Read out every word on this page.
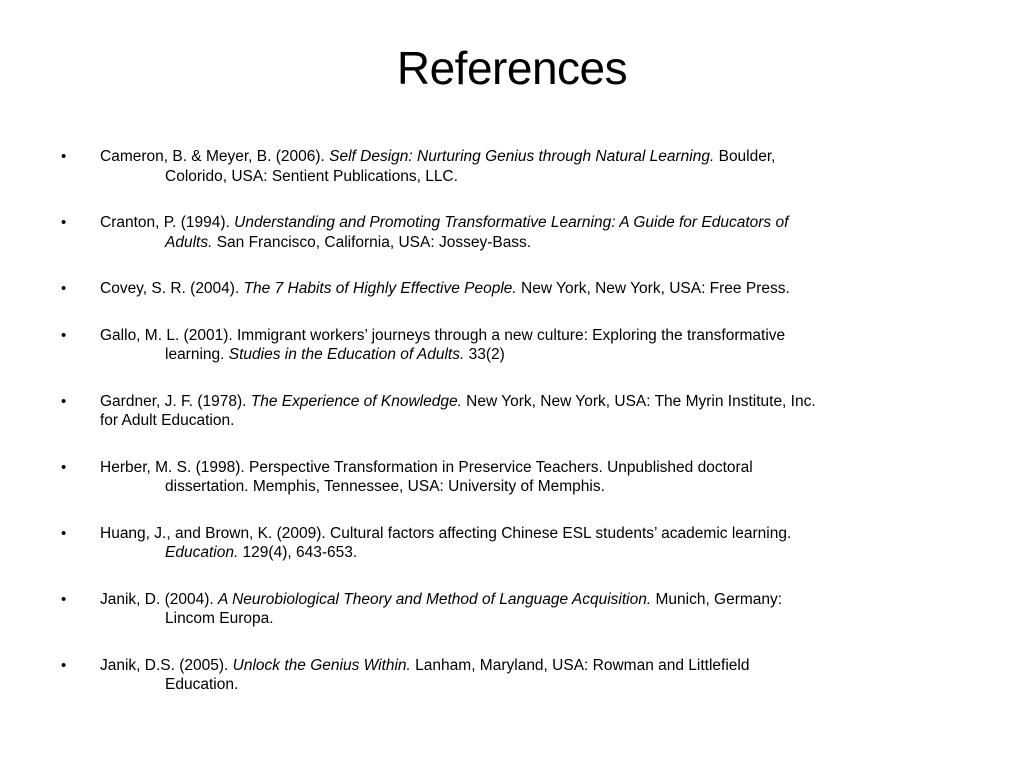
References
•	Cameron, B. & Meyer, B. (2006). Self Design: Nurturing Genius through Natural Learning. Boulder,
Colorido, USA: Sentient Publications, LLC.
•	Cranton, P. (1994). Understanding and Promoting Transformative Learning: A Guide for Educators of
Adults. San Francisco, California, USA: Jossey-Bass.
•	Covey, S. R. (2004). The 7 Habits of Highly Effective People. New York, New York, USA: Free Press.
•	Gallo, M. L. (2001). Immigrant workers’ journeys through a new culture: Exploring the transformative
learning. Studies in the Education of Adults. 33(2)
•	Gardner, J. F. (1978). The Experience of Knowledge. New York, New York, USA: The Myrin Institute, Inc.
for Adult Education.
•	Herber, M. S. (1998). Perspective Transformation in Preservice Teachers. Unpublished doctoral
dissertation. Memphis, Tennessee, USA: University of Memphis.
•	Huang, J., and Brown, K. (2009). Cultural factors affecting Chinese ESL students’ academic learning.
Education. 129(4), 643-653.
•	Janik, D. (2004). A Neurobiological Theory and Method of Language Acquisition. Munich, Germany:
Lincom Europa.
•	Janik, D.S. (2005). Unlock the Genius Within. Lanham, Maryland, USA: Rowman and Littlefield
Education.
